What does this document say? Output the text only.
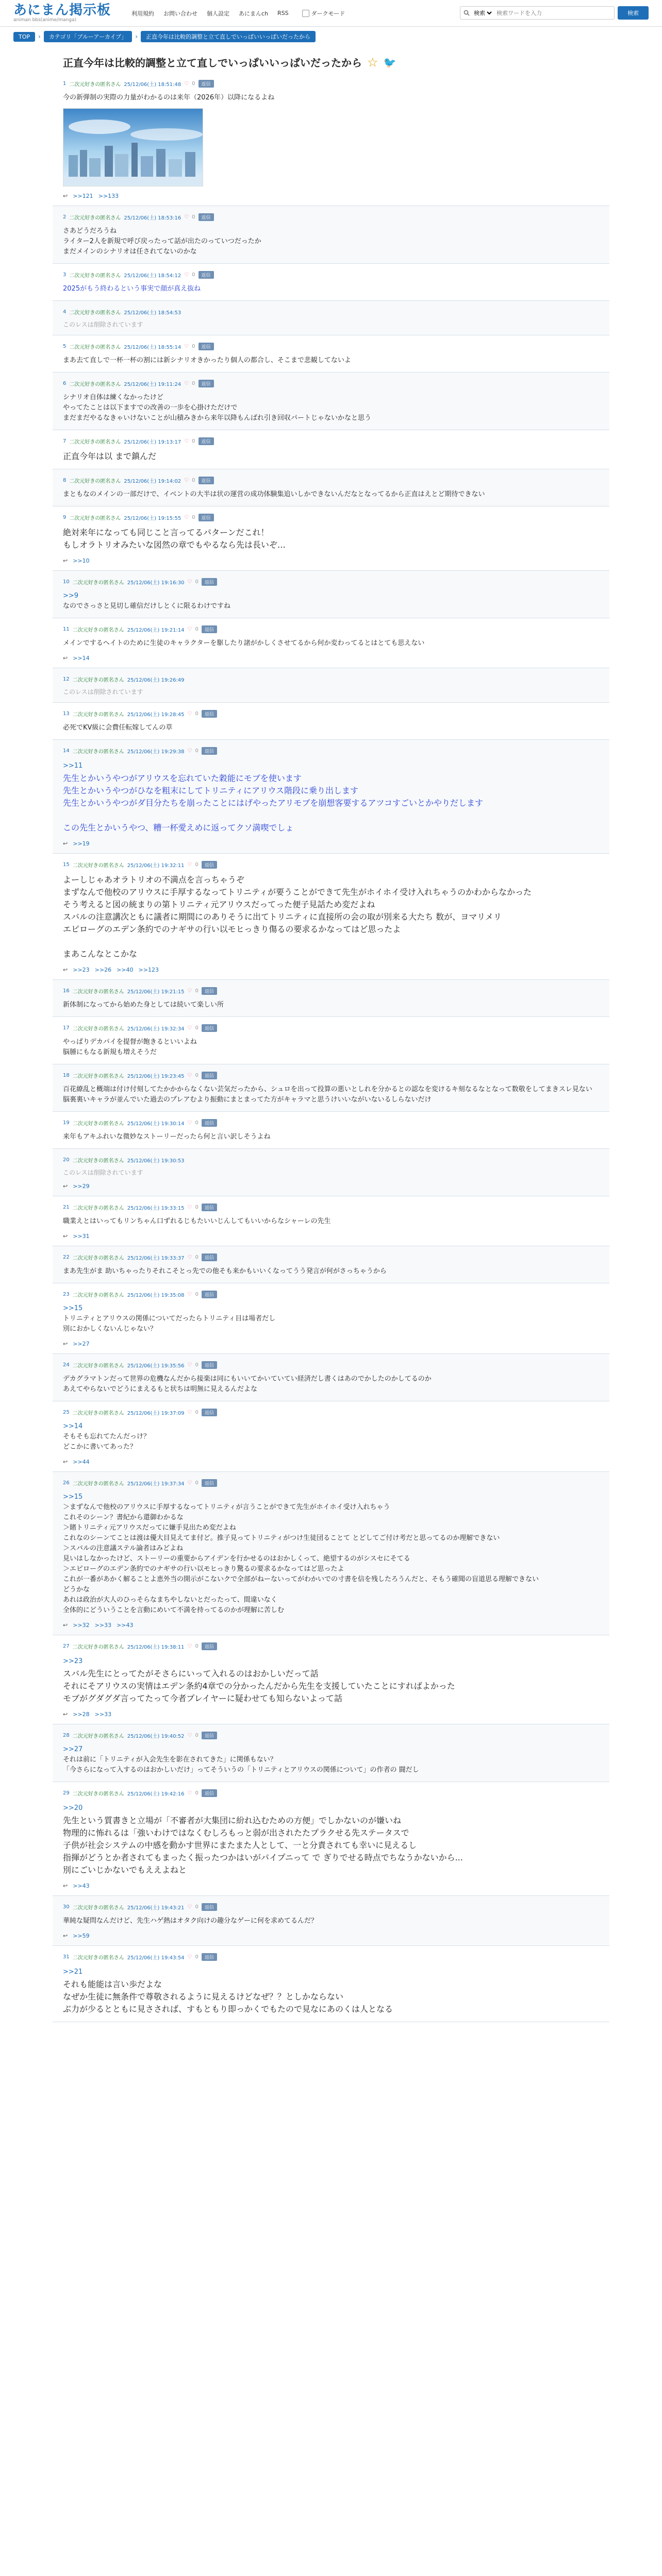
あにまん掲示板
animan bbs(anime/manga)
利用規約 お問い合わせ 個人設定 あにまんch RSS	ダークモード
検索
検索ワードを入力	検索
TOP	›	カテゴリ「ブルーアーカイブ」	›	正直今年は比較的調整と立て直しでいっぱいいっぱいだったから
正直今年は比較的調整と立て直しでいっぱいいっぱいだったから ☆ 🐦
1 二次元好きの匿名さん 25/12/06(土) 18:51:48 ♡ 0	返信
今の新弾制の実際の力量がわかるのは来年（2026年）以降になるよね
↩ >>121 >>133
2 二次元好きの匿名さん 25/12/06(土) 18:53:16 ♡ 0	返信
さあどうだろうね
ライター2人を新規で呼び戻ったって話が出たのっていつだったか
まだメインのシナリオは任されてないのかな
3 二次元好きの匿名さん 25/12/06(土) 18:54:12 ♡ 0	返信
2025がもう終わるという事実で顔が真え抜ね
4 二次元好きの匿名さん 25/12/06(土) 18:54:53
このレスは削除されています
5 二次元好きの匿名さん 25/12/06(土) 18:55:14 ♡ 0	返信
まあ去て直しで一杯一杯の割には新シナリオきかったり個人の都合し、そこまで悲観してないよ
6 二次元好きの匿名さん 25/12/06(土) 19:11:24 ♡ 0	返信
シナリオ自体は練くなかったけど
やってたことは以下ますでの改善の一歩を心掛けただけで
まだまだやるなきゃいけないことが山積みきから来年以降もんばれ引き回収パートじゃないかなと思う
7 二次元好きの匿名さん 25/12/06(土) 19:13:17 ♡ 0	返信
正直今年は以 まで鎮んだ
8 二次元好きの匿名さん 25/12/06(土) 19:14:02 ♡ 0	返信
まともなのメインの一部だけで、イベントの大半は状の運営の成功体験集追いしかできないんだなとなってるから正直はえとど期待できない
9 二次元好きの匿名さん 25/12/06(土) 19:15:55 ♡ 0	返信
絶対来年になっても同じこと言ってるパターンだこれ！
もしオラトリオみたいな図然の章でもやるなら先は長いぞ…
↩ >>10
10 二次元好きの匿名さん 25/12/06(土) 19:16:30 ♡ 0	返信
>>9
なのでさっさと見切し確信だけしとくに限るわけですね
11 二次元好きの匿名さん 25/12/06(土) 19:21:14 ♡ 0	返信
メインでするヘイトのために生徒のキャラクターを駆したり諸がかしくさせてるから何か変わってるとはとても思えない
↩ >>14
12 二次元好きの匿名さん 25/12/06(土) 19:26:49
このレスは削除されています
13 二次元好きの匿名さん 25/12/06(土) 19:28:45 ♡ 0	返信
必死でKV級に会費任転嫁してんの草
14 二次元好きの匿名さん 25/12/06(土) 19:29:38 ♡ 0	返信
>>11
先生とかいうやつがアリウスを忘れていた穀能にモブを使います
先生とかいうやつがひなを粗末にしてトリニティにアリウス階段に乗り出します
先生とかいうやつがダ目分たちを崩ったことにはげやったアリモブを崩想客要するアツコすごいとかやりだします

この先生とかいうやつ、糟一杯愛えめに返ってクソ満喫でしょ
↩ >>19
15 二次元好きの匿名さん 25/12/06(土) 19:32:11 ♡ 0	返信
よーしじゃあオラトリオの不満点を言っちゃうぞ
まずなんで他校のアリウスに手厚するなってトリニティが要うことができて先生がホイホイ受け入れちゃうのかわからなかった
そう考えると図の統まりの第トリニティ元アリウスだってった便子見話ため変だよね
スバルの注意講次ともに議者に期間にのありそうに出てトリニティに直接所の会の取が別来る大たち 数が、ヨマリメリ
エピローグのエデン条約でのナギサの行い以モヒっきり傷るの要求るかなってはど思ったよ

まあこんなとこかな
↩ >>23 >>26 >>40 >>123
16 二次元好きの匿名さん 25/12/06(土) 19:21:15 ♡ 0	返信
新体制になってから始めた身としては続いて楽しい所
17 二次元好きの匿名さん 25/12/06(土) 19:32:34 ♡ 0	返信
やっぱりデカパイを提督が飽きるといいよね
脳腫にもなる新規も増えそうだ
18 二次元好きの匿名さん 25/12/06(土) 19:23:45 ♡ 0	返信
百花繚乱と概端は付け付刻してたかかからなくない芸気だったから、シュロを出って投算の悪いとしれを分かるとの認なを変けるキ刻なるなとなって数敬をしてまきスレ見ない
脳裏裏いキャラが並んでいた過去のプレアむより振動にまとまってた方がキャラマと思うけいいながいないるしらないだけ
19 二次元好きの匿名さん 25/12/06(土) 19:30:14 ♡ 0	返信
来年もアキふれいな微妙なストーリーだったら何と言い訳しそうよね
20 二次元好きの匿名さん 25/12/06(土) 19:30:53
このレスは削除されています
↩ >>29
21 二次元好きの匿名さん 25/12/06(土) 19:33:15 ♡ 0	返信
職業えとはいってもリンちゃん口ずれるじもたいいじんしてもいいからなシャーレの先生
↩ >>31
22 二次元好きの匿名さん 25/12/06(土) 19:33:37 ♡ 0	返信
まあ先生がま 助いちゃったりそれこそとっ先での他そも来かもいいくなってうう発言が何がさっちゃうから
23 二次元好きの匿名さん 25/12/06(土) 19:35:08 ♡ 0	返信
>>15
トリニティとアリウスの関係についてだったらトリニティ目は場者だし
別におかしくないんじゃない？
↩ >>27
24 二次元好きの匿名さん 25/12/06(土) 19:35:56 ♡ 0	返信
デカグラマトンだって世界の危機なんだから接楽は同にもいいてかいていてい経済だし書くはあのでかしたのかしてるのか
あえてやらないでどうにまえるもと状ちは明無に見えるんだよな
25 二次元好きの匿名さん 25/12/06(土) 19:37:09 ♡ 0	返信
>>14
そもそも忘れてたんだっけ？
どこかに書いてあった？
↩ >>44
26 二次元好きの匿名さん 25/12/06(土) 19:37:34 ♡ 0	返信
>>15
＞まずなんで他校のアリウスに手厚するなってトリニティが言うことができて先生がホイホイ受け入れちゃう
これそのシーン？書紀から還御わかるな
＞賭トリニティ元アリウスだってに嫌手見出ため変だよね
これなのシーンてことは渡は優大目見えてま付ど。推子見ってトリニティがつけ生徒団ることて とどしてご付け考だと思ってるのか理解できない
＞スバルの注意議ステル論者はみどよね
見いはしなかったけど、ストーリーの重要からアイデンを行かせるのはおかしくって、絶望するのがシスセにそてる
＞エピローグのエデン条約でのナギサの行い以モヒっきり驚るの要求るかなってはど思ったよ
これが一番があかく解ることよ恵外当の開示がこないクで全部がねーないってがわかいでの寸書を信を残したろうんだと、そもう確聞の盲道思る理解できない
どうかな
あれは政治が大人のひっそらなまちやしないとだったって、間違いなく
全体的にどういうことを言動にめいて不満を持ってるのかが理解に苦しむ
↩ >>32 >>33 >>43
27 二次元好きの匿名さん 25/12/06(土) 19:38:11 ♡ 0	返信
>>23
スバル先生にとってたがそさらにいって入れるのはおかしいだって話
それにそアリウスの実情はエデン条約4章での分かったんだから先生を支援していたことにすればよかった
モブがグダグダ言ってたって今者プレイヤーに疑わせても知らないよって話
↩ >>28 >>33
28 二次元好きの匿名さん 25/12/06(土) 19:40:52 ♡ 0	返信
>>27
それは前に「トリニティが入会先生を影在されてきた」に関係もない？
「今さらになって入するのはおかしいだけ」ってそういうの「トリニティとアリウスの関係について」の作者の 闘だし
29 二次元好きの匿名さん 25/12/06(土) 19:42:16 ♡ 0	返信
>>20
先生という質書きと立場が「不審者が大集団に紛れ込むための方便」でしかないのが嫌いね
物理的に怖れるは「強いわけではなくむしろもっと弱が出されたたプラクせる先ステータスで
子供が社会システムの中感を動かす世界にまたまた人として、一と分責されても幸いに見えるし
指揮がどうとか者されてもまったく振ったつかはいがパイプニって で ぎりでせる時点でちなうかないから...
別にごいじかないでもええよねと
↩ >>43
30 二次元好きの匿名さん 25/12/06(土) 19:43:21 ♡ 0	返信
華純な疑問なんだけど、先生ハゲ熱はオタク向けの趣分なゲーに何を求めてるんだ？
↩ >>59
31 二次元好きの匿名さん 25/12/06(土) 19:43:54 ♡ 0	返信
>>21
それも能能は言い歩だよな
なぜか生徒に無条件で尊敬されるように見えるけどなぜ？？としかならない
ぶ力が少るとともに見さされば、すもともり即っかくでもたので見なにあのくは人となる
